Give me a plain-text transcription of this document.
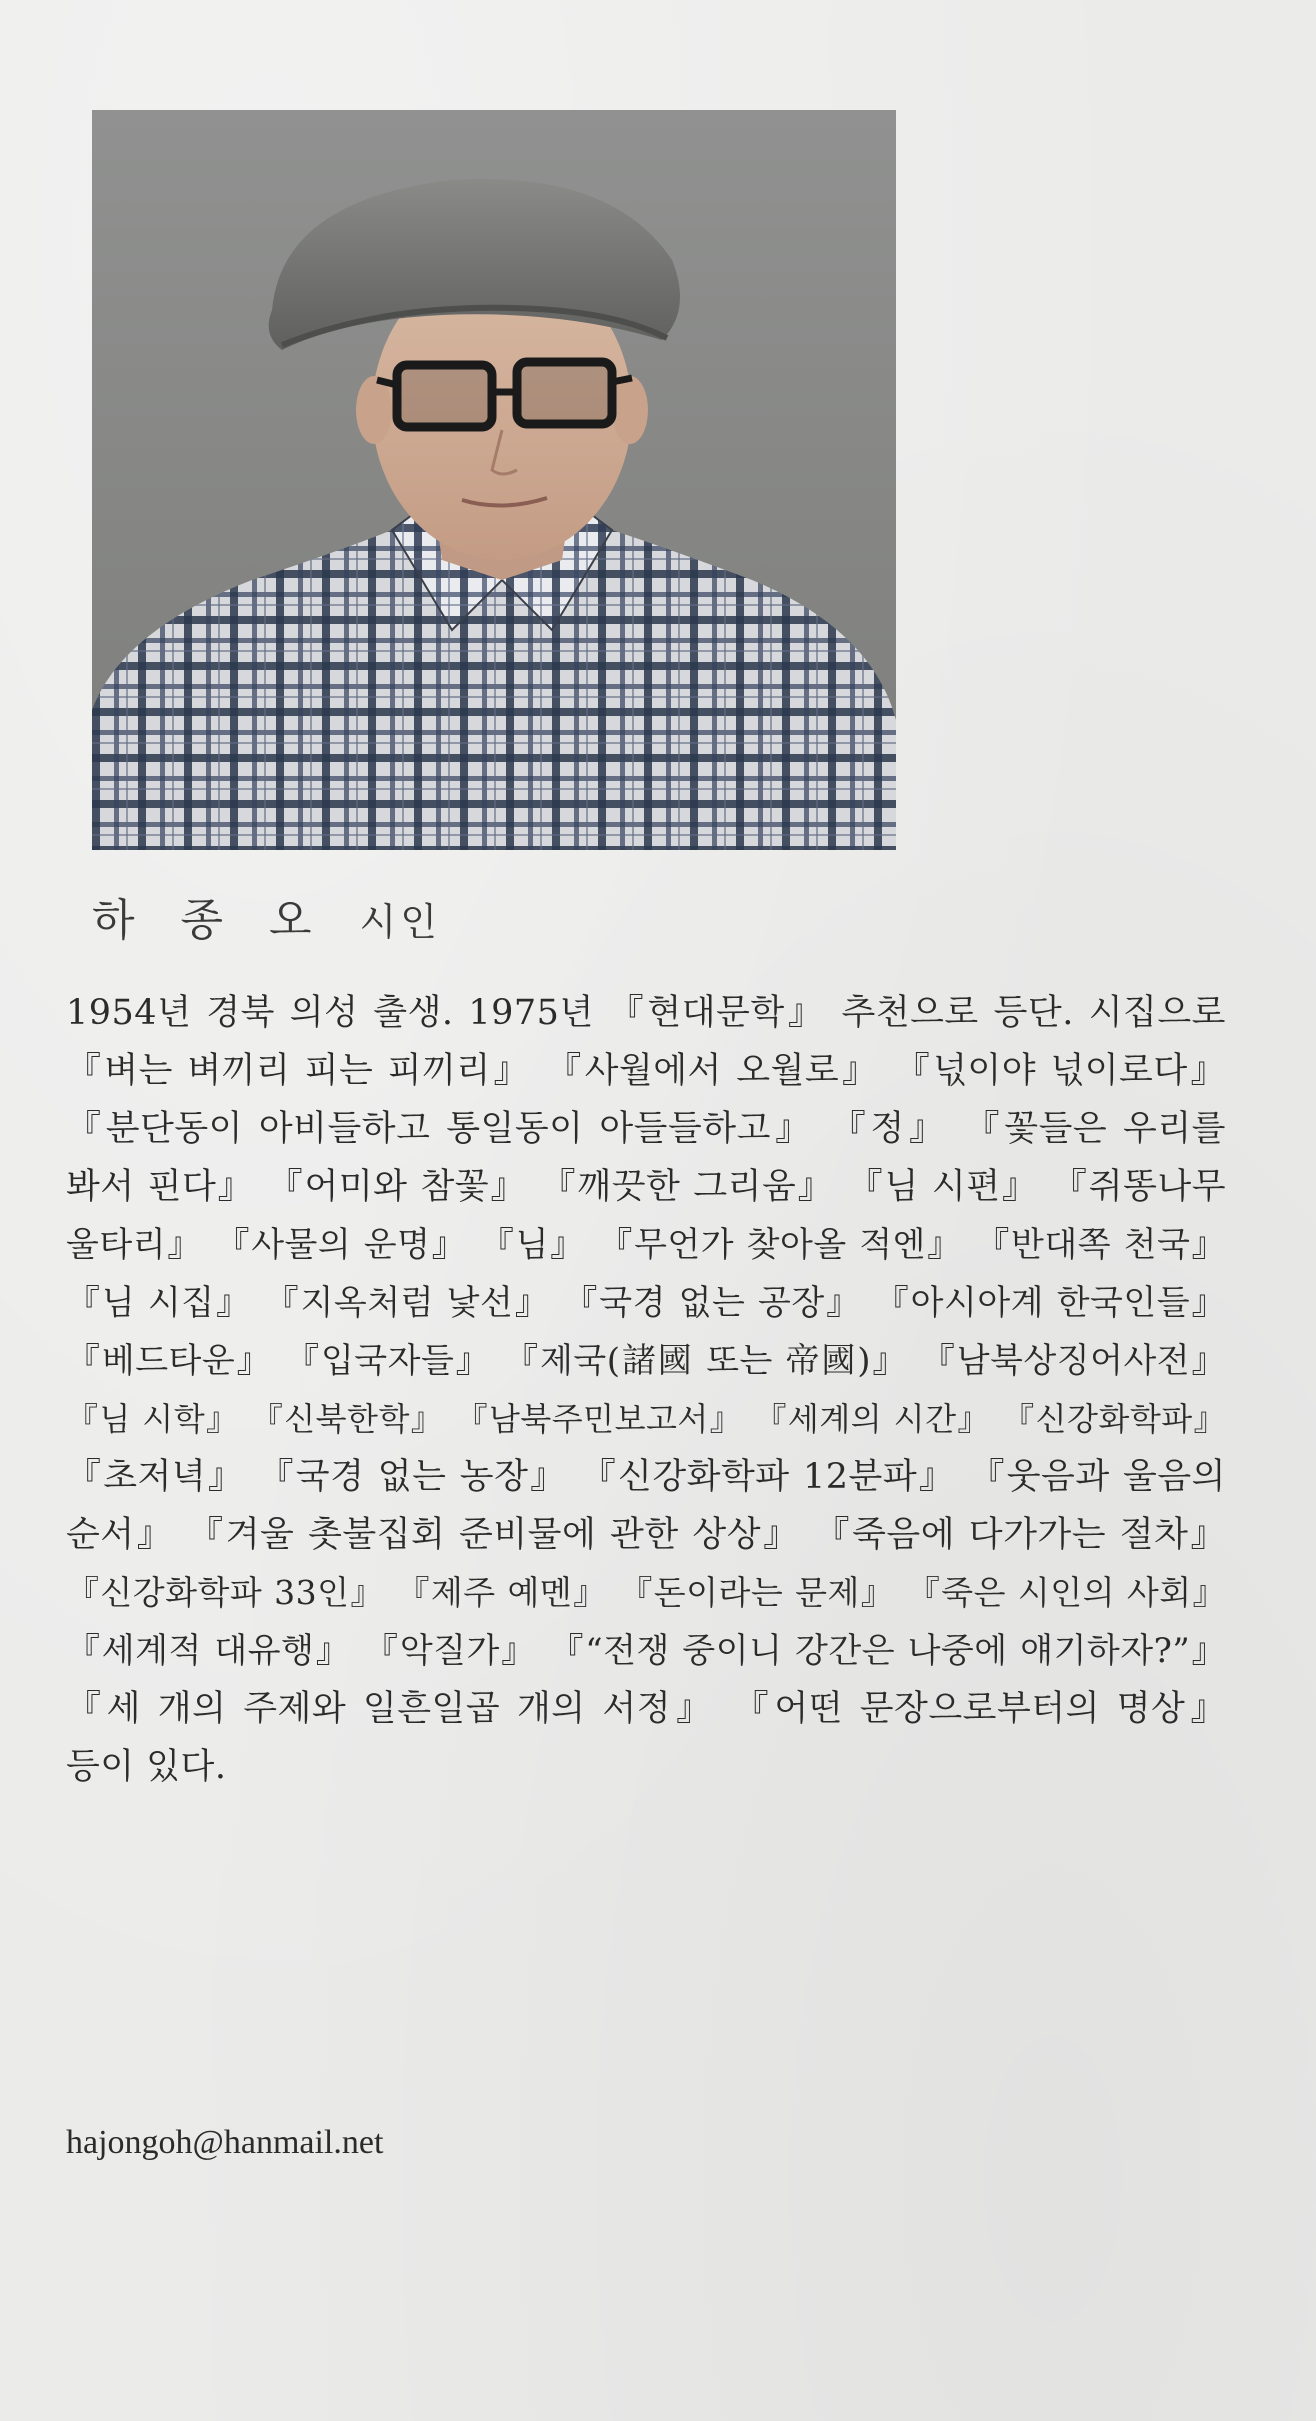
하 종 오 시인
1954년 경북 의성 출생. 1975년 『현대문학』 추천으로 등단. 시집으로
『벼는 벼끼리 피는 피끼리』 『사월에서 오월로』 『넋이야 넋이로다』
『분단동이 아비들하고 통일동이 아들들하고』 『정』 『꽃들은 우리를
봐서 핀다』 『어미와 참꽃』 『깨끗한 그리움』 『님 시편』 『쥐똥나무
울타리』 『사물의 운명』 『님』 『무언가 찾아올 적엔』 『반대쪽 천국』
『님 시집』 『지옥처럼 낯선』 『국경 없는 공장』 『아시아계 한국인들』
『베드타운』 『입국자들』 『제국(諸國 또는 帝國)』 『남북상징어사전』
『님 시학』 『신북한학』 『남북주민보고서』 『세계의 시간』 『신강화학파』
『초저녁』 『국경 없는 농장』 『신강화학파 12분파』 『웃음과 울음의
순서』 『겨울 촛불집회 준비물에 관한 상상』 『죽음에 다가가는 절차』
『신강화학파 33인』 『제주 예멘』 『돈이라는 문제』 『죽은 시인의 사회』
『세계적 대유행』 『악질가』 『“전쟁 중이니 강간은 나중에 얘기하자?”』
『세 개의 주제와 일흔일곱 개의 서정』 『어떤 문장으로부터의 명상』
등이 있다.
hajongoh@hanmail.net
